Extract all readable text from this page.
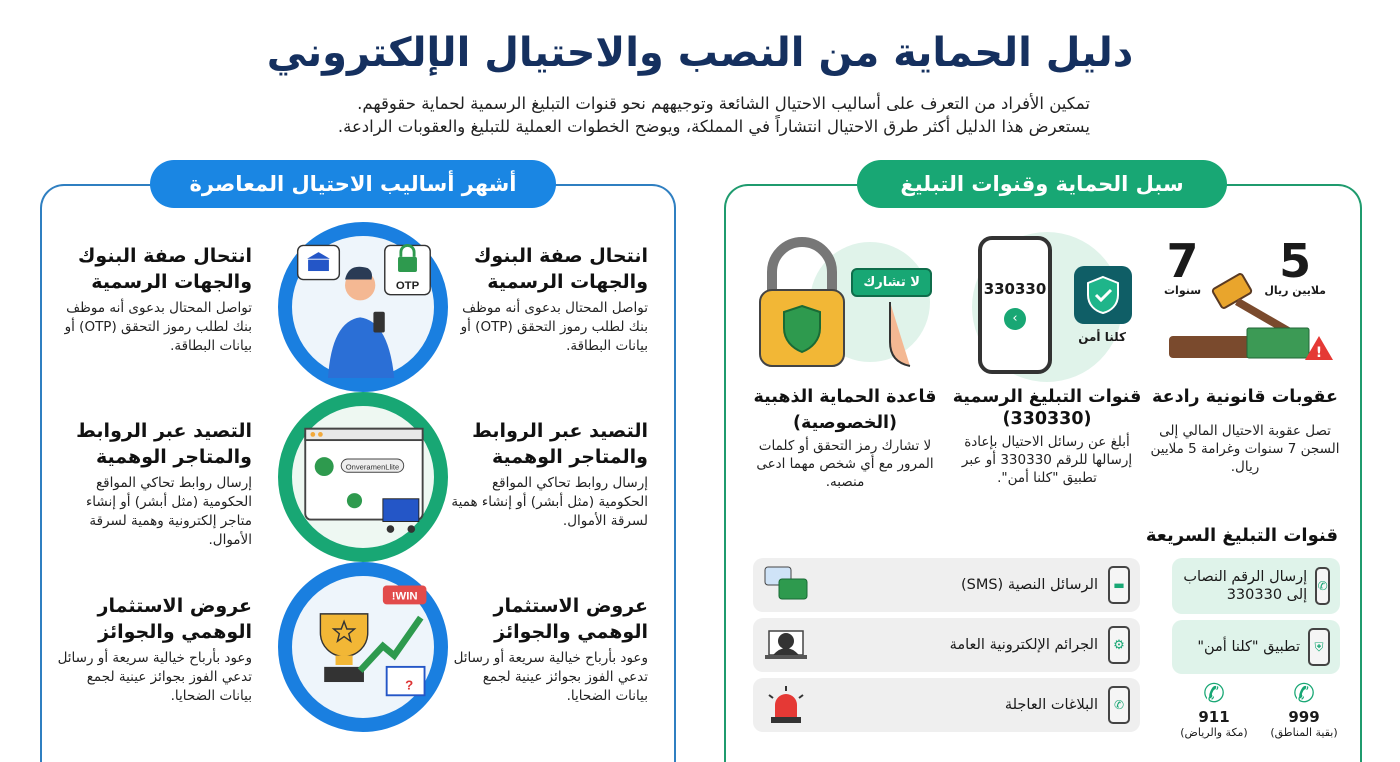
دليل الحماية من النصب والاحتيال الإلكتروني
تمكين الأفراد من التعرف على أساليب الاحتيال الشائعة وتوجيههم نحو قنوات التبليغ الرسمية لحماية حقوقهم.
يستعرض هذا الدليل أكثر طرق الاحتيال انتشاراً في المملكة، ويوضح الخطوات العملية للتبليغ والعقوبات الرادعة.
أشهر أساليب الاحتيال المعاصرة
انتحال صفة البنوك والجهات الرسمية

تواصل المحتال بدعوى أنه موظف بنك لطلب رموز التحقق (OTP) أو بيانات البطاقة.

التصيد عبر الروابط والمتاجر الوهمية

إرسال روابط تحاكي المواقع الحكومية (مثل أبشر) أو إنشاء همية لسرقة الأموال.

عروض الاستثمار الوهمي والجوائز

وعود بأرباح خيالية سريعة أو رسائل تدعي الفوز بجوائز عينية لجمع بيانات الضحايا.

انتحال صفة البنوك والجهات الرسمية

تواصل المحتال بدعوى أنه موظف بنك لطلب رموز التحقق (OTP) أو بيانات البطاقة.

التصيد عبر الروابط والمتاجر الوهمية

إرسال روابط تحاكي المواقع الحكومية (مثل أبشر) أو إنشاء متاجر إلكترونية وهمية لسرقة الأموال.

عروض الاستثمار الوهمي والجوائز

وعود بأرباح خيالية سريعة أو رسائل تدعي الفوز بجوائز عينية لجمع بيانات الضحايا.

OTP
OnveramenLlite
WIN!
?
سبل الحماية وقنوات التبليغ
7
سنوات
5
ملايين ريال
!
عقوبات قانونية رادعة

تصل عقوبة الاحتيال المالي إلى السجن 7 سنوات وغرامة 5 ملايين ريال.

330330
›
كلنا أمن
قنوات التبليغ الرسمية
(330330)

أبلغ عن رسائل الاحتيال بإعادة إرسالها للرقم 330330 أو عبر تطبيق "كلنا أمن".

لا تشارك
قاعدة الحماية الذهبية
(الخصوصية)

لا تشارك رمز التحقق أو كلمات المرور مع أي شخص مهما ادعى منصبه.

قنوات التبليغ السريعة
✆
إرسال الرقم النصاب إلى 330330
⛨
تطبيق "كلنا أمن"
✆
999
(بقية المناطق)
✆
911
(مكة والرياض)
▬
الرسائل النصية (SMS)
⚙
الجرائم الإلكترونية العامة
✆
البلاغات العاجلة
